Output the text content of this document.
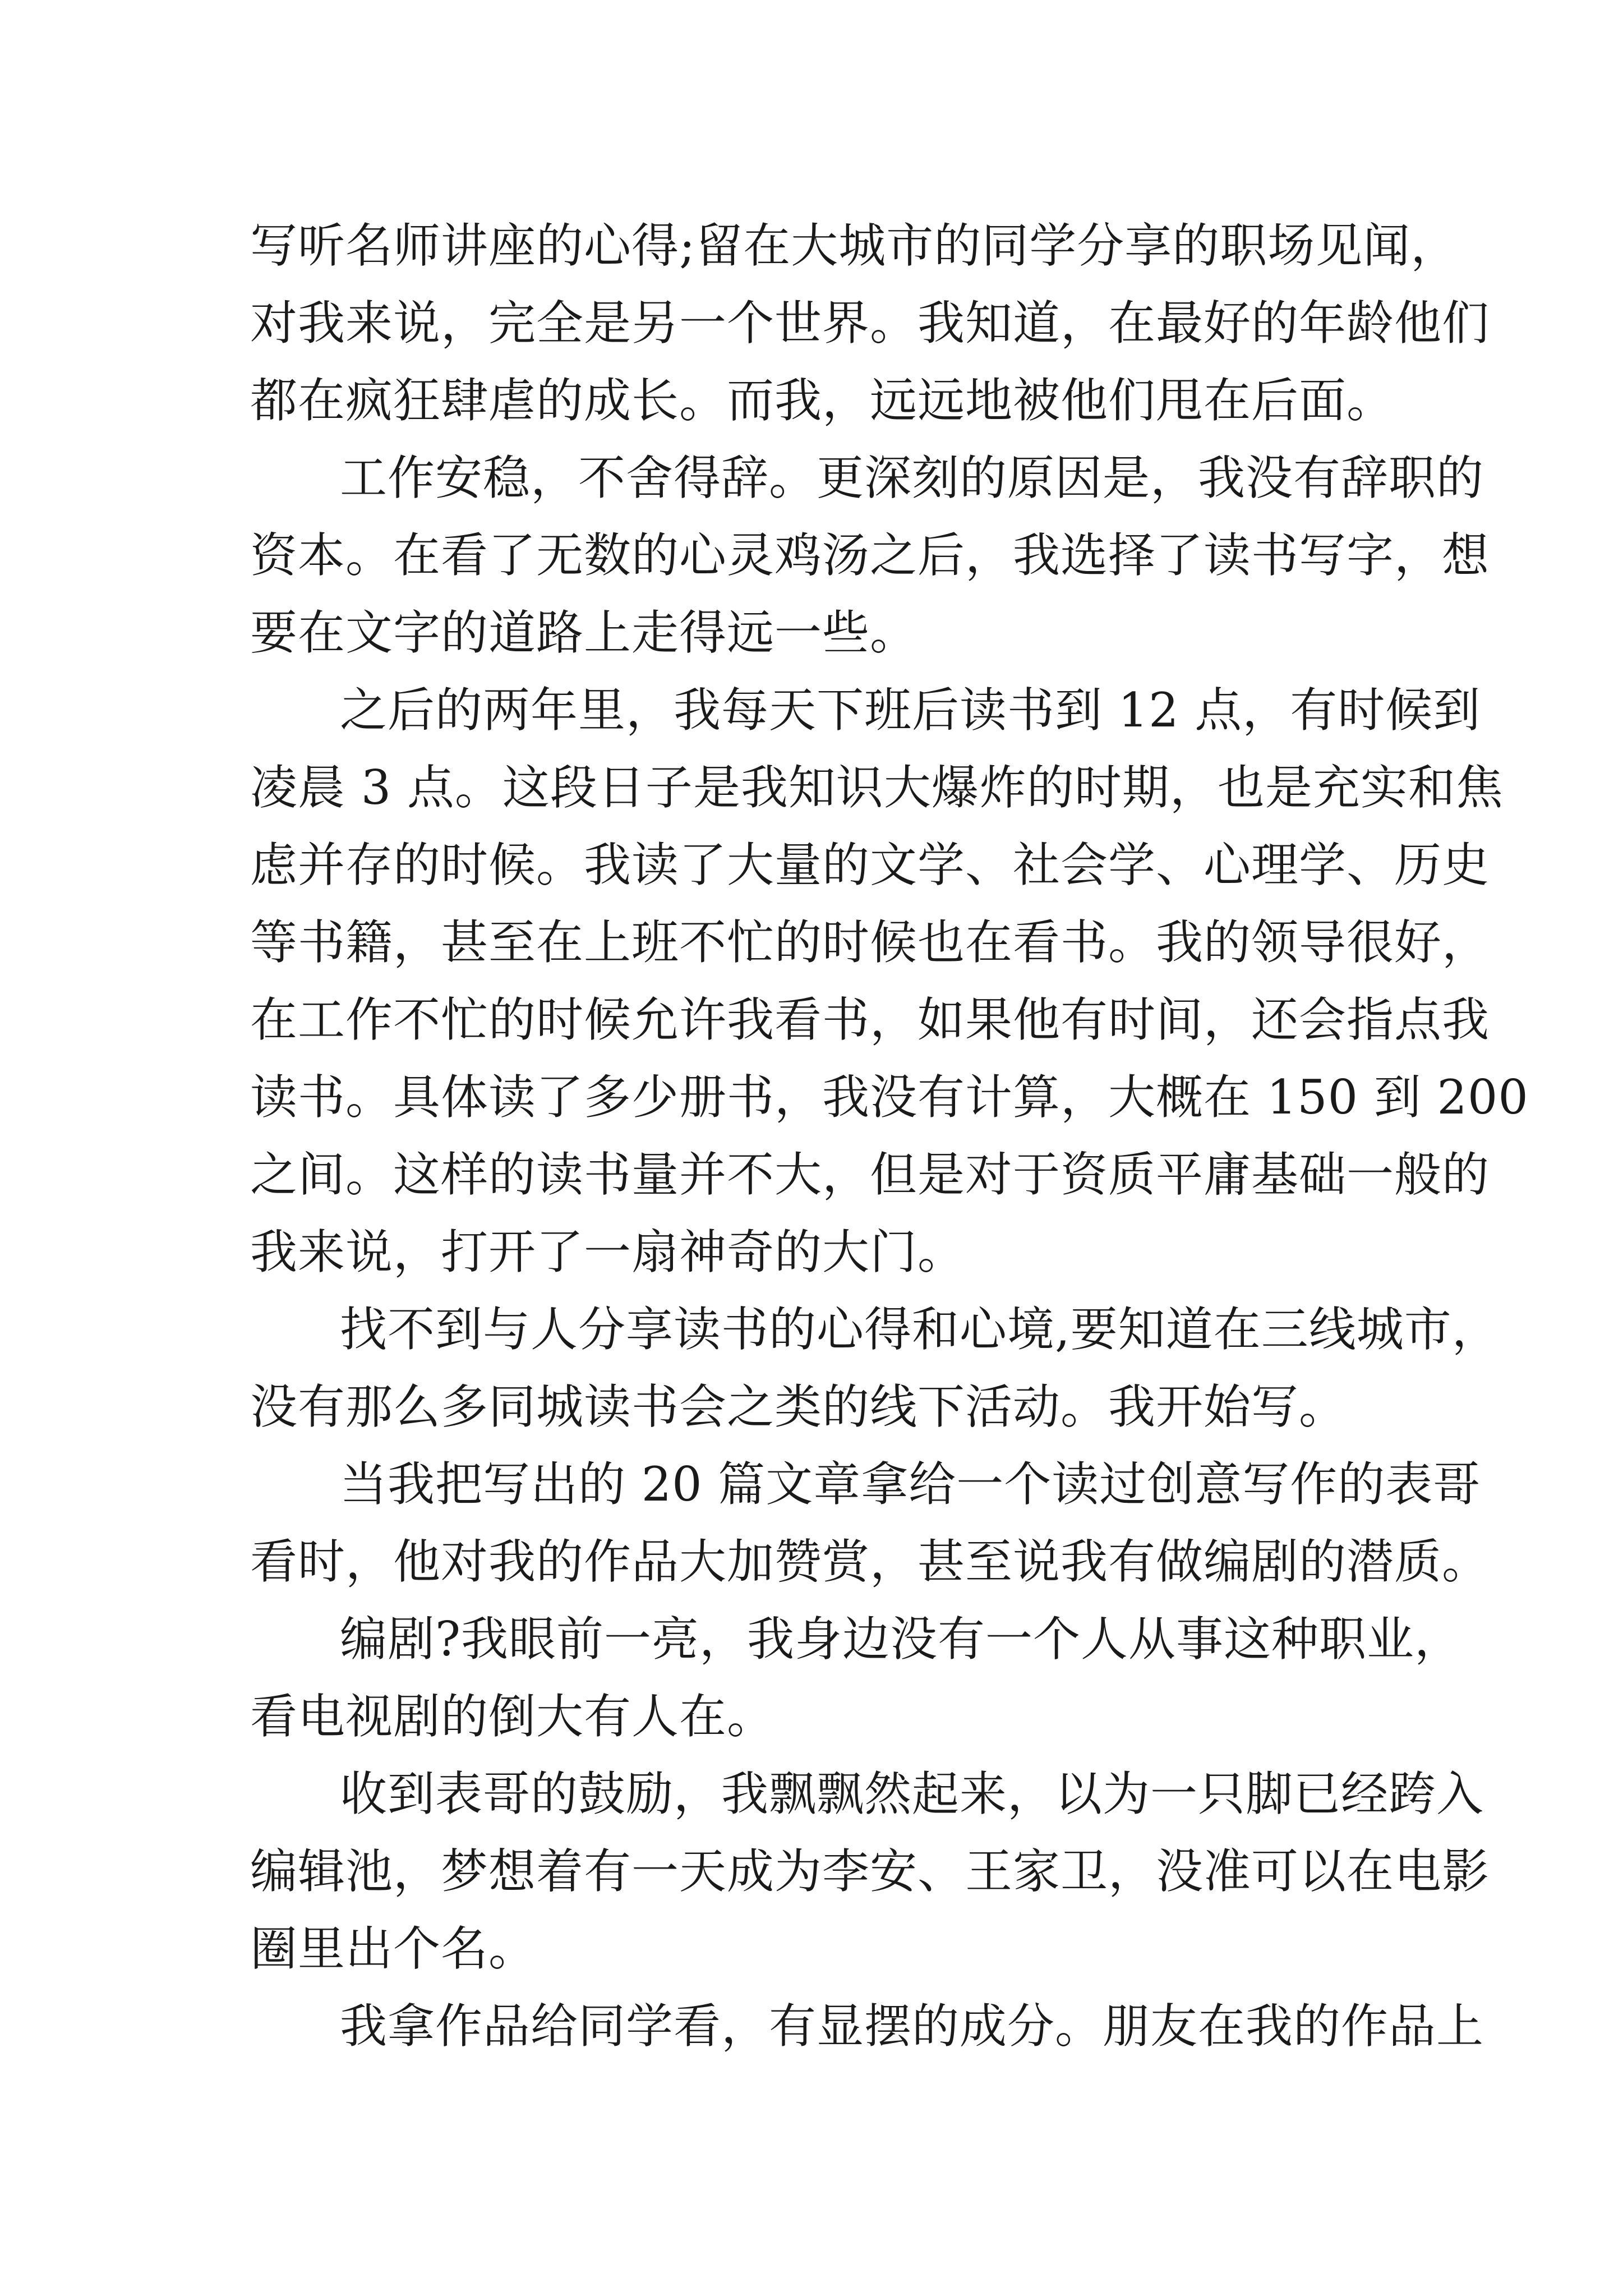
写听名师讲座的心得;留在大城市的同学分享的职场见闻，
对我来说，完全是另一个世界。我知道，在最好的年龄他们
都在疯狂肆虐的成长。而我，远远地被他们甩在后面。
工作安稳，不舍得辞。更深刻的原因是，我没有辞职的
资本。在看了无数的心灵鸡汤之后，我选择了读书写字，想
要在文字的道路上走得远一些。
之后的两年里，我每天下班后读书到 12 点，有时候到
凌晨 3 点。这段日子是我知识大爆炸的时期，也是充实和焦
虑并存的时候。我读了大量的文学、社会学、心理学、历史
等书籍，甚至在上班不忙的时候也在看书。我的领导很好，
在工作不忙的时候允许我看书，如果他有时间，还会指点我
读书。具体读了多少册书，我没有计算，大概在 150 到 200
之间。这样的读书量并不大，但是对于资质平庸基础一般的
我来说，打开了一扇神奇的大门。
找不到与人分享读书的心得和心境,要知道在三线城市，
没有那么多同城读书会之类的线下活动。我开始写。
当我把写出的 20 篇文章拿给一个读过创意写作的表哥
看时，他对我的作品大加赞赏，甚至说我有做编剧的潜质。
编剧?我眼前一亮，我身边没有一个人从事这种职业，
看电视剧的倒大有人在。
收到表哥的鼓励，我飘飘然起来，以为一只脚已经跨入
编辑池，梦想着有一天成为李安、王家卫，没准可以在电影
圈里出个名。
我拿作品给同学看，有显摆的成分。朋友在我的作品上
